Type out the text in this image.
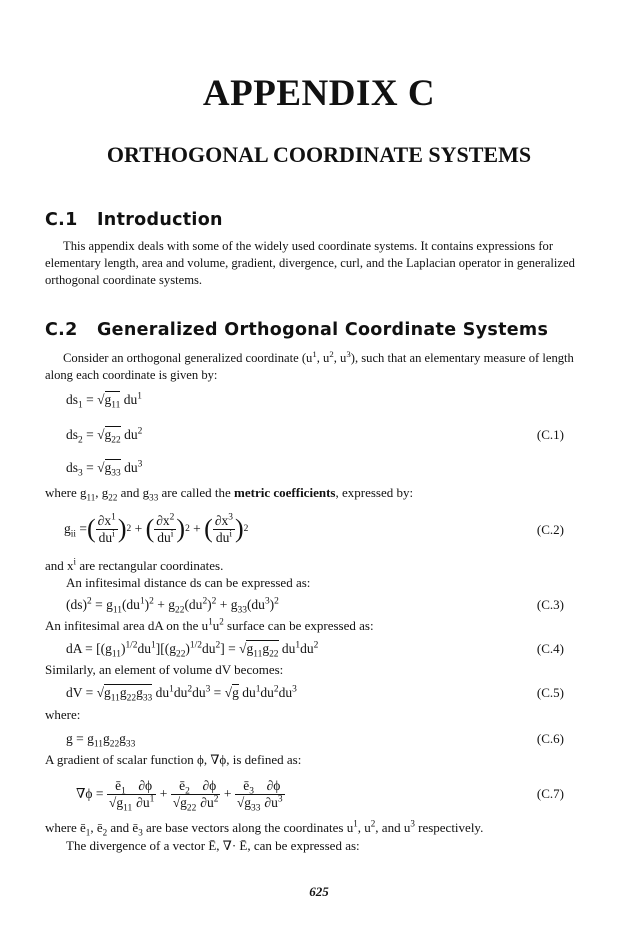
APPENDIX C
ORTHOGONAL COORDINATE SYSTEMS
C.1 Introduction
This appendix deals with some of the widely used coordinate systems. It contains expressions for elementary length, area and volume, gradient, divergence, curl, and the Laplacian operator in generalized orthogonal coordinate systems.
C.2 Generalized Orthogonal Coordinate Systems
Consider an orthogonal generalized coordinate ($u^1$, $u^2$, $u^3$), such that an elementary measure of length along each coordinate is given by:
$ds_1 = √g_{11}$ $du^1$
$ds_2 = √g_{22}$ $du^2$	(C.1)
$ds_3 = √g_{33}$ $du^3$
where $g_{11}$, $g_{22}$ and $g_{33}$ are called the metric coefficients, expressed by:
$g_{ii}$ = ( $\frac{\partial x^1}{du^i}$ ) 2 + ( $\frac{\partial x^2}{du^i}$ ) 2 + ( $\frac{\partial x^3}{du^i}$ ) 2	(C.2)
and $x^i$ are rectangular coordinates.
An infitesimal distance ds can be expressed as:
$(ds)^2 = g_{11}(du^1)^2 + g_{22}(du^2)^2 + g_{33}(du^3)^2$	(C.3)
An infitesimal area dA on the $u^1u^2$ surface can be expressed as:
dA = $[(g_{11})^{1/2}du^1][(g_{22})^{1/2}du^2] = √g_{11}g_{22}$ $du^1du^2$	(C.4)
Similarly, an element of volume dV becomes:
dV = $√g_{11}g_{22}g_{33}$ $du^1du^2du^3 = √g$ $du^1du^2du^3$	(C.5)
where:
$g = g_{11}g_{22}g_{33}$	(C.6)
A gradient of scalar function ϕ, ∇ϕ, is defined as:
$\nabla\phi = \frac{ē_1}{√g_{11}} \frac{\partial\phi}{\partial u^1} + \frac{ē_2}{√g_{22}} \frac{\partial\phi}{\partial u^2} + \frac{ē_3}{√g_{33}} \frac{\partial\phi}{\partial u^3}$	(C.7)
where $ē_1$, $ē_2$ and $ē_3$ are base vectors along the coordinates $u^1$, $u^2$, and $u^3$ respectively.
The divergence of a vector Ē, ∇· Ē, can be expressed as:
625
